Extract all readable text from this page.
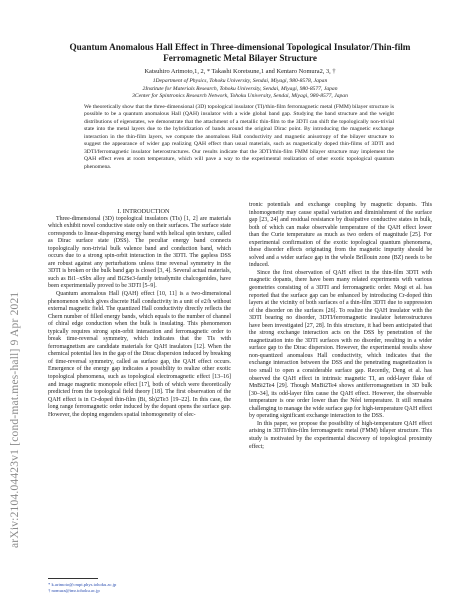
arXiv:2104.04423v1 [cond-mat.mes-hall] 9 Apr 2021
Quantum Anomalous Hall Effect in Three-dimensional Topological Insulator/Thin-film Ferromagnetic Metal Bilayer Structure
Katsuhiro Arimoto,1, 2, * Takashi Koretsune,1 and Kentaro Nomura2, 3, †
1Department of Physics, Tohoku University, Sendai, Miyagi, 980-8578, Japan
2Institute for Materials Research, Tohoku University, Sendai, Miyagi, 980-8577, Japan
3Center for Spintronics Research Network, Tohoku University, Sendai, Miyagi, 980-8577, Japan
We theoretically show that the three-dimensional (3D) topological insulator (TI)/thin-film ferromagnetic metal (FMM) bilayer structure is possible to be a quantum anomalous Hall (QAH) insulator with a wide global band gap. Studying the band structure and the weight distributions of eigenstates, we demonstrate that the attachment of a metallic thin-film to the 3DTI can shift the topologically non-trivial state into the metal layers due to the hybridization of bands around the original Dirac point. By introducing the magnetic exchange interaction in the thin-film layers, we compute the anomalous Hall conductivity and magnetic anisotropy of the bilayer structure to suggest the appearance of wider gap realizing QAH effect than usual materials, such as magnetically doped thin-films of 3DTI and 3DTI/ferromagnetic insulator heterostructures. Our results indicate that the 3DTI/thin-film FMM bilayer structure may implement the QAH effect even at room temperature, which will pave a way to the experimental realization of other exotic topological quantum phenomena.

I. INTRODUCTION

Three-dimensional (3D) topological insulators (TIs) [1, 2] are materials which exhibit novel conductive state only on their surfaces. The surface state corresponds to linear-dispersing energy band with helical spin texture, called as Dirac surface state (DSS). The peculiar energy band connects topologically non-trivial bulk valence band and conduction band, which occurs due to a strong spin-orbit interaction in the 3DTI. The gapless DSS are robust against any perturbations unless time reversal symmetry in the 3DTI is broken or the bulk band gap is closed [3, 4]. Several actual materials, such as Bi1−xSbx alloy and Bi2Se3-family tetradymite chalcogenides, have been experimentally proved to be 3DTI [5–9].

Quantum anomalous Hall (QAH) effect [10, 11] is a two-dimensional phenomenon which gives discrete Hall conductivity in a unit of e2/h without external magnetic field. The quantized Hall conductivity directly reflects the Chern number of filled energy bands, which equals to the number of channel of chiral edge conduction when the bulk is insulating. This phenomenon typically requires strong spin-orbit interaction and ferromagnetic order to break time-reversal symmetry, which indicates that the TIs with ferromagnetism are candidate materials for QAH insulators [12]. When the chemical potential lies in the gap of the Dirac dispersion induced by breaking of time-reversal symmetry, called as surface gap, the QAH effect occurs. Emergence of the energy gap indicates a possibility to realize other exotic topological phenomena, such as topological electromagnetic effect [13–16] and image magnetic monopole effect [17], both of which were theoretically predicted from the topological field theory [18]. The first observation of the QAH effect is in Cr-doped thin-film (Bi, Sb)2Te3 [19–22]. In this case, the long range ferromagnetic order induced by the dopant opens the surface gap. However, the doping engenders spatial inhomogeneity of elec-

tronic potentials and exchange coupling by magnetic dopants. This inhomogeneity may cause spatial variation and diminishment of the surface gap [23, 24] and residual resistance by dissipative conductive states in bulk, both of which can make observable temperature of the QAH effect lower than the Curie temperature as much as two orders of magnitude [25]. For experimental confirmation of the exotic topological quantum phenomena, these disorder effects originating from the magnetic impurity should be solved and a wider surface gap in the whole Brillouin zone (BZ) needs to be induced.

Since the first observation of QAH effect in the thin-film 3DTI with magnetic dopants, there have been many related experiments with various geometries consisting of a 3DTI and ferromagnetic order. Mogi et al. has reported that the surface gap can be enhanced by introducing Cr-doped thin layers at the vicinity of both surfaces of a thin-film 3DTI due to suppression of the disorder on the surfaces [26]. To realize the QAH insulator with the 3DTI bearing no disorder, 3DTI/ferromagnetic insulator heterostructures have been investigated [27, 28]. In this structure, it had been anticipated that the strong exchange interaction acts on the DSS by penetration of the magnetization into the 3DTI surfaces with no disorder, resulting in a wider surface gap to the Dirac dispersion. However, the experimental results show non-quantized anomalous Hall conductivity, which indicates that the exchange interaction between the DSS and the penetrating magnetization is too small to open a considerable surface gap. Recently, Deng et al. has observed the QAH effect in intrinsic magnetic TI, an odd-layer flake of MnBi2Te4 [29]. Though MnBi2Te4 shows antiferromagnetism in 3D bulk [30–34], its odd-layer film cause the QAH effect. However, the observable temperature is one order lower than the Néel temperature. It still remains challenging to manage the wide surface gap for high-temperature QAH effect by operating significant exchange interaction to the DSS.

In this paper, we propose the possibility of high-temperature QAH effect arising in 3DTI/thin-film ferromagnetic metal (FMM) bilayer structure. This study is motivated by the experimental discovery of topological proximity effect;

* k.arimoto@cmpt.phys.tohoku.ac.jp
† nomura@imr.tohoku.ac.jp
